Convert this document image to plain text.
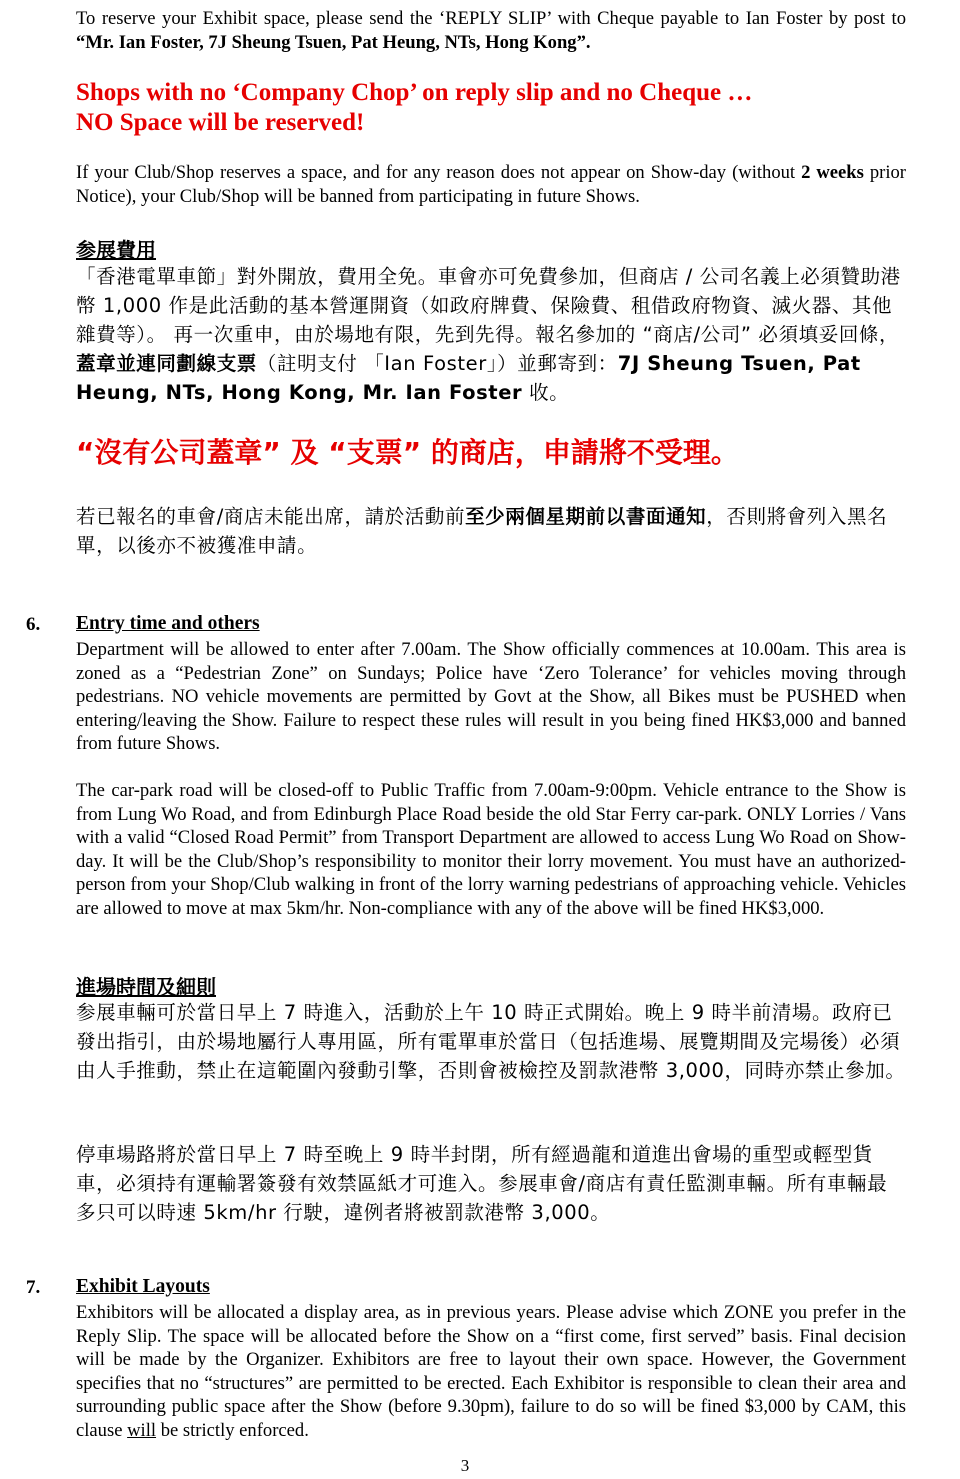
To reserve your Exhibit space, please send the ‘REPLY SLIP’ with Cheque payable to Ian Foster by post to “Mr. Ian Foster, 7J Sheung Tsuen, Pat Heung, NTs, Hong Kong”.

Shops with no ‘Company Chop’ on reply slip and no Cheque …
NO Space will be reserved!

If your Club/Shop reserves a space, and for any reason does not appear on Show-day (without 2 weeks prior Notice), your Club/Shop will be banned from participating in future Shows.

参展費用

「香港電單車節」對外開放，費用全免。車會亦可免費參加，但商店 / 公司名義上必須贊助港幣 1,000 作是此活動的基本營運開資（如政府牌費、保險費、租借政府物資、滅火器、其他雜費等）。 再一次重申，由於場地有限，先到先得。報名參加的 “商店/公司” 必須填妥回條，蓋章並連同劃線支票（註明支付 「Ian Foster」）並郵寄到：7J Sheung Tsuen, Pat Heung, NTs, Hong Kong, Mr. Ian Foster 收。

“沒有公司蓋章” 及 “支票” 的商店，申請將不受理。

若已報名的車會/商店未能出席，請於活動前至少兩個星期前以書面通知，否則將會列入黑名單，以後亦不被獲准申請。

6. Entry time and others

Department will be allowed to enter after 7.00am. The Show officially commences at 10.00am. This area is zoned as a “Pedestrian Zone” on Sundays; Police have ‘Zero Tolerance’ for vehicles moving through pedestrians. NO vehicle movements are permitted by Govt at the Show, all Bikes must be PUSHED when entering/leaving the Show. Failure to respect these rules will result in you being fined HK$3,000 and banned from future Shows.

The car-park road will be closed-off to Public Traffic from 7.00am-9:00pm. Vehicle entrance to the Show is from Lung Wo Road, and from Edinburgh Place Road beside the old Star Ferry car-park. ONLY Lorries / Vans with a valid “Closed Road Permit” from Transport Department are allowed to access Lung Wo Road on Show-day. It will be the Club/Shop’s responsibility to monitor their lorry movement. You must have an authorized-person from your Shop/Club walking in front of the lorry warning pedestrians of approaching vehicle. Vehicles are allowed to move at max 5km/hr. Non-compliance with any of the above will be fined HK$3,000.

進場時間及細則

参展車輛可於當日早上 7 時進入，活動於上午 10 時正式開始。晚上 9 時半前清場。政府已發出指引，由於場地屬行人專用區，所有電單車於當日（包括進場、展覽期間及完場後）必須由人手推動，禁止在這範圍內發動引擎，否則會被檢控及罰款港幣 3,000，同時亦禁止參加。

停車場路將於當日早上 7 時至晚上 9 時半封閉，所有經過龍和道進出會場的重型或輕型貨車，必須持有運輸署簽發有效禁區紙才可進入。参展車會/商店有責任監測車輛。所有車輛最多只可以時速 5km/hr 行駛，違例者將被罰款港幣 3,000。

7. Exhibit Layouts

Exhibitors will be allocated a display area, as in previous years. Please advise which ZONE you prefer in the Reply Slip. The space will be allocated before the Show on a “first come, first served” basis. Final decision will be made by the Organizer. Exhibitors are free to layout their own space. However, the Government specifies that no “structures” are permitted to be erected. Each Exhibitor is responsible to clean their area and surrounding public space after the Show (before 9.30pm), failure to do so will be fined $3,000 by CAM, this clause will be strictly enforced.

3
